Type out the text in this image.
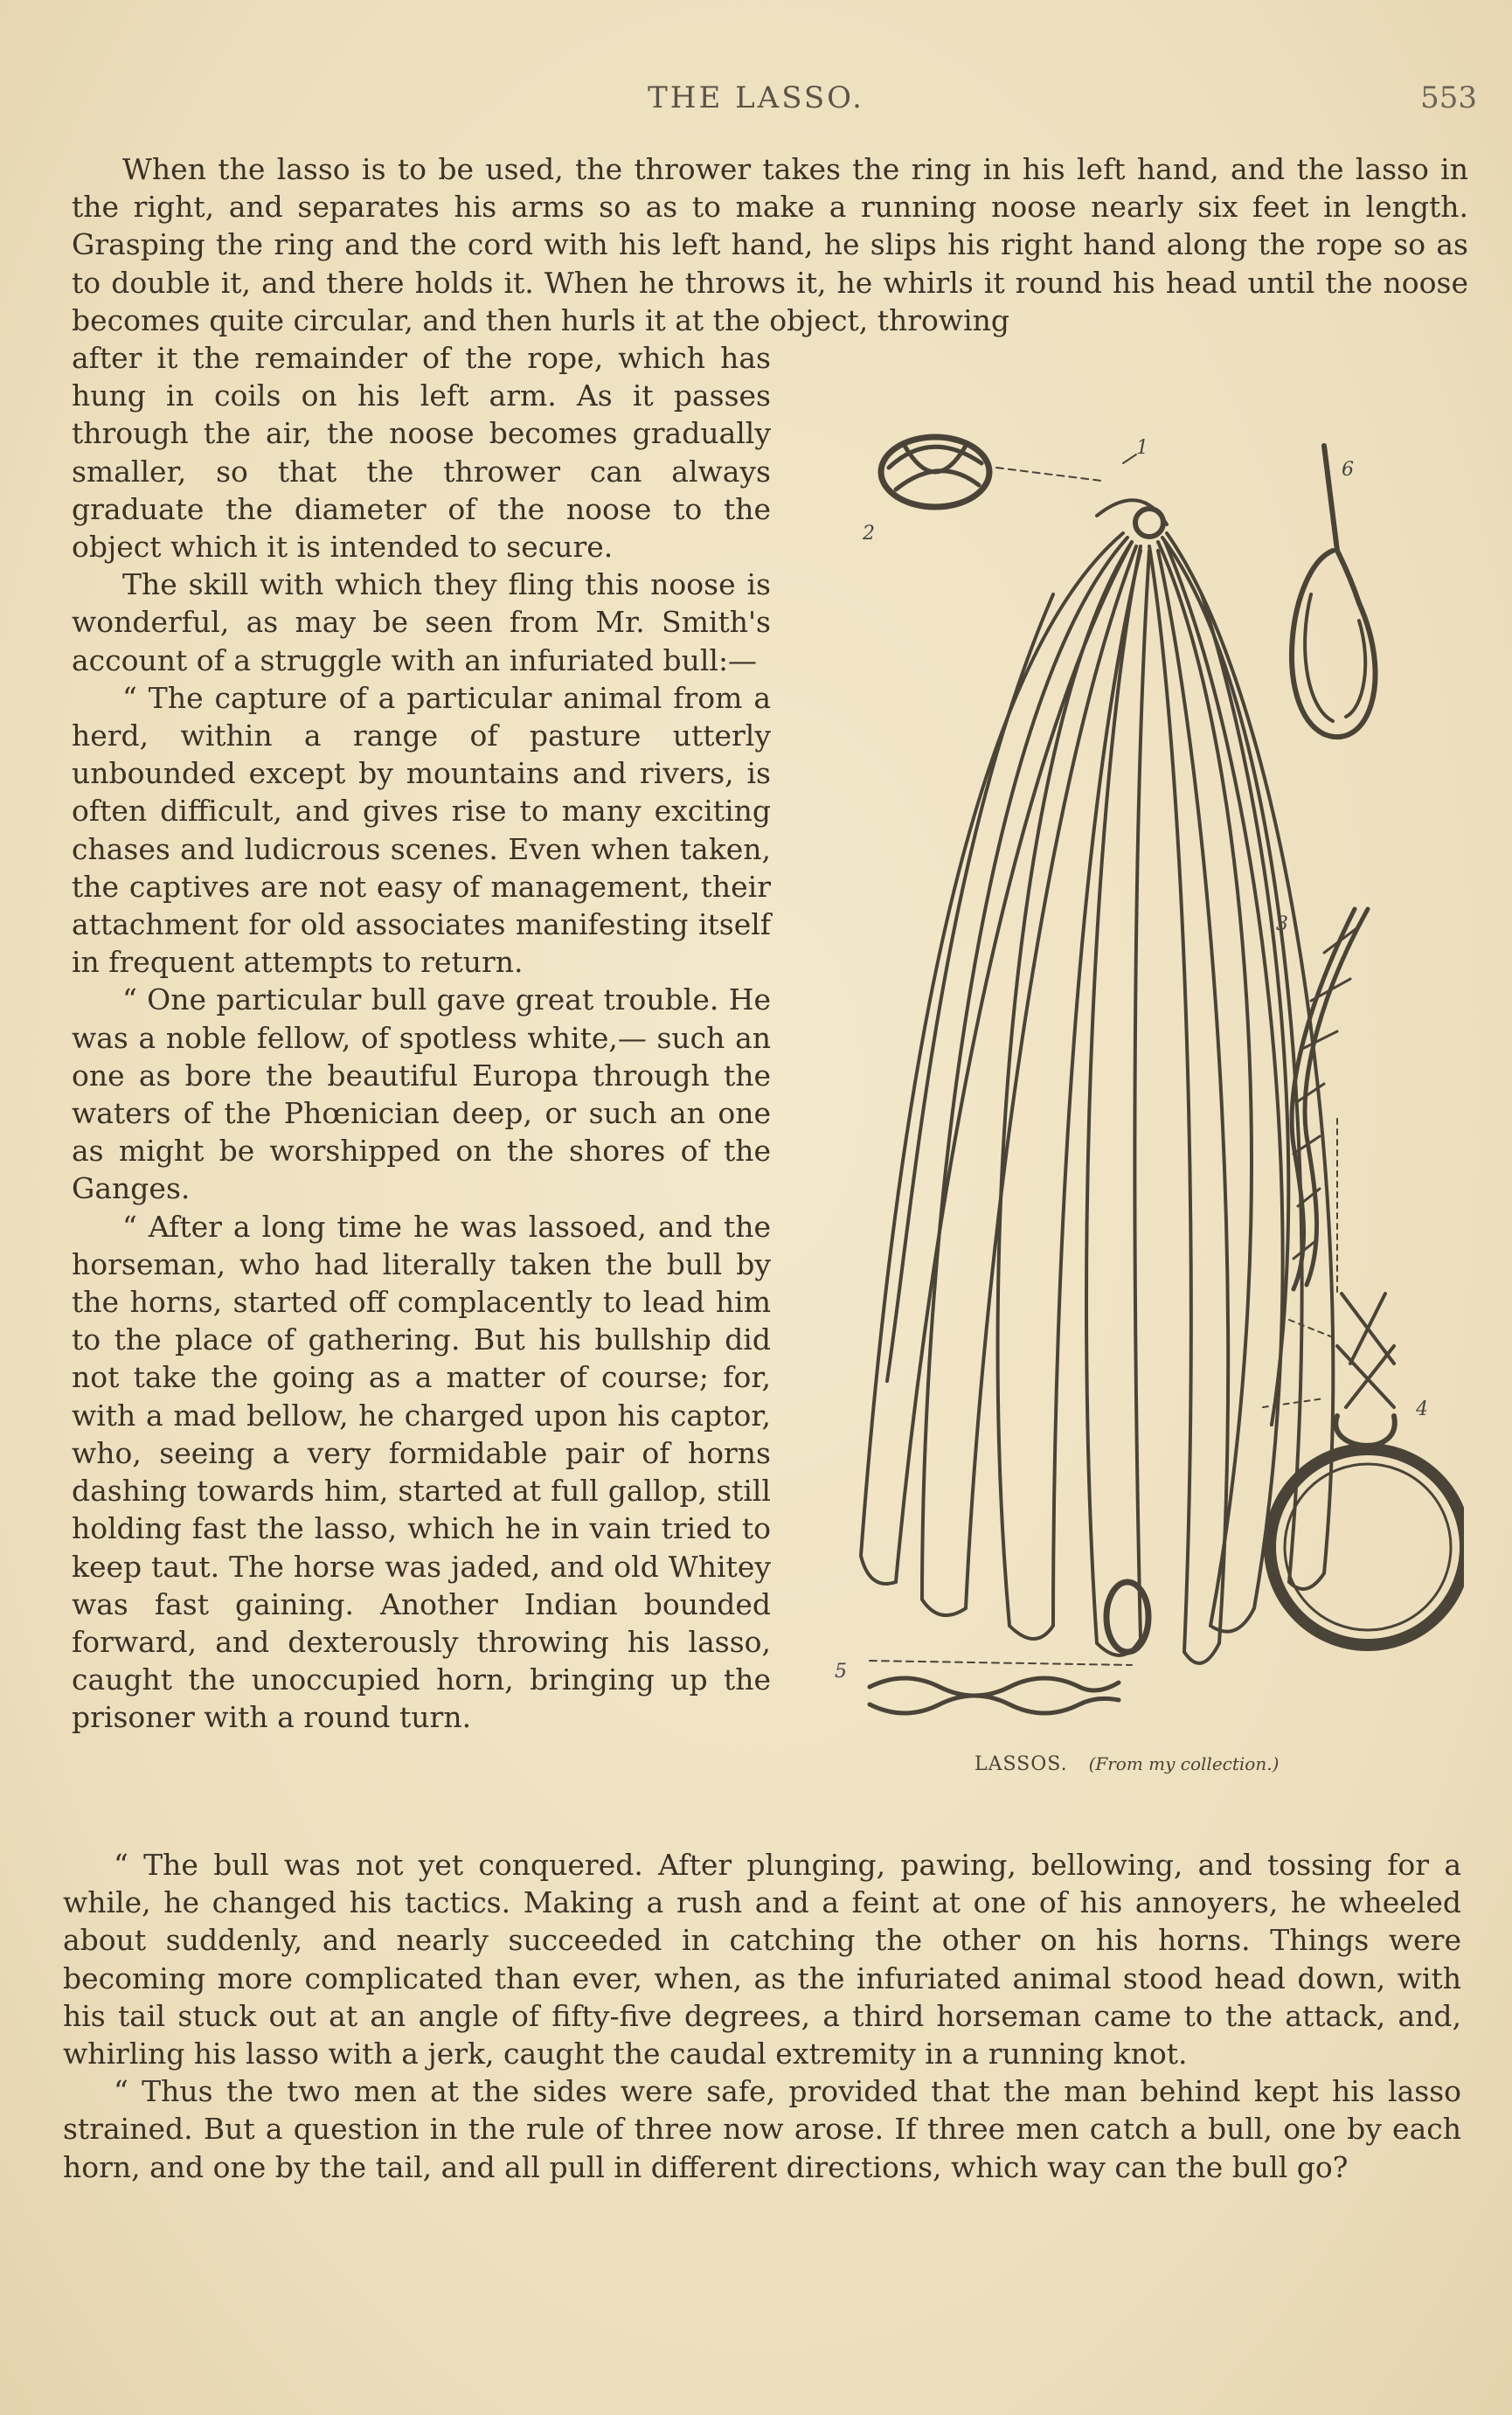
THE LASSO.	553

When the lasso is to be used, the thrower takes the ring in his left hand, and the lasso in the right, and separates his arms so as to make a running noose nearly six feet in length. Grasping the ring and the cord with his left hand, he slips his right hand along the rope so as to double it, and there holds it. When he throws it, he whirls it round his head until the noose becomes quite circular, and then hurls it at the object, throwing

after it the remainder of the rope, which has hung in coils on his left arm. As it passes through the air, the noose becomes gradually smaller, so that the thrower can always graduate the diameter of the noose to the object which it is intended to secure.

The skill with which they fling this noose is wonderful, as may be seen from Mr. Smith's account of a struggle with an infuriated bull:—

“ The capture of a particular animal from a herd, within a range of pasture utterly unbounded except by mountains and rivers, is often difficult, and gives rise to many exciting chases and ludicrous scenes. Even when taken, the captives are not easy of management, their attachment for old associates manifesting itself in frequent attempts to return.

“ One particular bull gave great trouble. He was a noble fellow, of spotless white,— such an one as bore the beautiful Europa through the waters of the Phœnician deep, or such an one as might be worshipped on the shores of the Ganges.

“ After a long time he was lassoed, and the horseman, who had literally taken the bull by the horns, started off complacently to lead him to the place of gathering. But his bullship did not take the going as a matter of course; for, with a mad bellow, he charged upon his captor, who, seeing a very formidable pair of horns dashing towards him, started at full gallop, still holding fast the lasso, which he in vain tried to keep taut. The horse was jaded, and old Whitey was fast gaining. Another Indian bounded forward, and dexterously throwing his lasso, caught the unoccupied horn, bringing up the prisoner with a round turn.

1
2
3
4
5
6
LASSOS. (From my collection.)

“ The bull was not yet conquered. After plunging, pawing, bellowing, and tossing for a while, he changed his tactics. Making a rush and a feint at one of his annoyers, he wheeled about suddenly, and nearly succeeded in catching the other on his horns. Things were becoming more complicated than ever, when, as the infuriated animal stood head down, with his tail stuck out at an angle of fifty-five degrees, a third horseman came to the attack, and, whirling his lasso with a jerk, caught the caudal extremity in a running knot.

“ Thus the two men at the sides were safe, provided that the man behind kept his lasso strained. But a question in the rule of three now arose. If three men catch a bull, one by each horn, and one by the tail, and all pull in different directions, which way can the bull go?
